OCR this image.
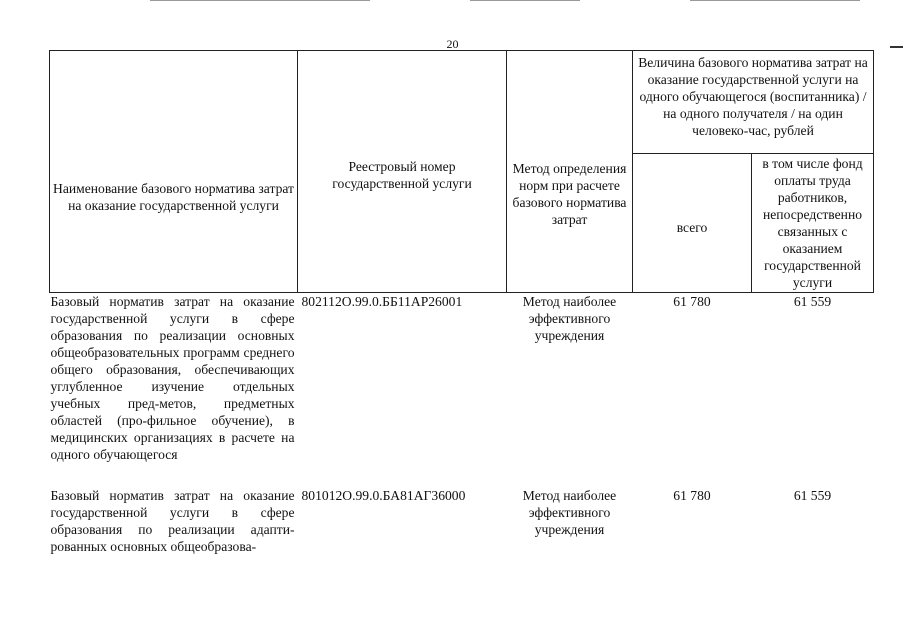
20
Наименование базового норматива затрат на оказание государственной услуги	Реестровый номер государственной услуги	Метод определения норм при расчете базового норматива затрат	Величина базового норматива затрат на оказание государственной услуги на одного обучающегося (воспитанника) / на одного получателя / на один человеко-час, рублей	
			всего	в том числе фонд оплаты труда работников, непосредственно связанных с оказанием государственной услуги
Базовый норматив затрат на оказание государственной услуги в сфере образования по реализации основных общеобразовательных программ среднего общего образования, обеспечивающих углубленное изучение отдельных учебных пред-метов, предметных областей (про-фильное обучение), в медицинских организациях в расчете на одного обучающегося	802112О.99.0.ББ11АР26001	Метод наиболее эффективного учреждения	61 780	61 559
Базовый норматив затрат на оказание государственной услуги в сфере образования по реализации адапти-рованных основных общеобразова-	801012О.99.0.БА81АГ36000	Метод наиболее эффективного учреждения	61 780	61 559
